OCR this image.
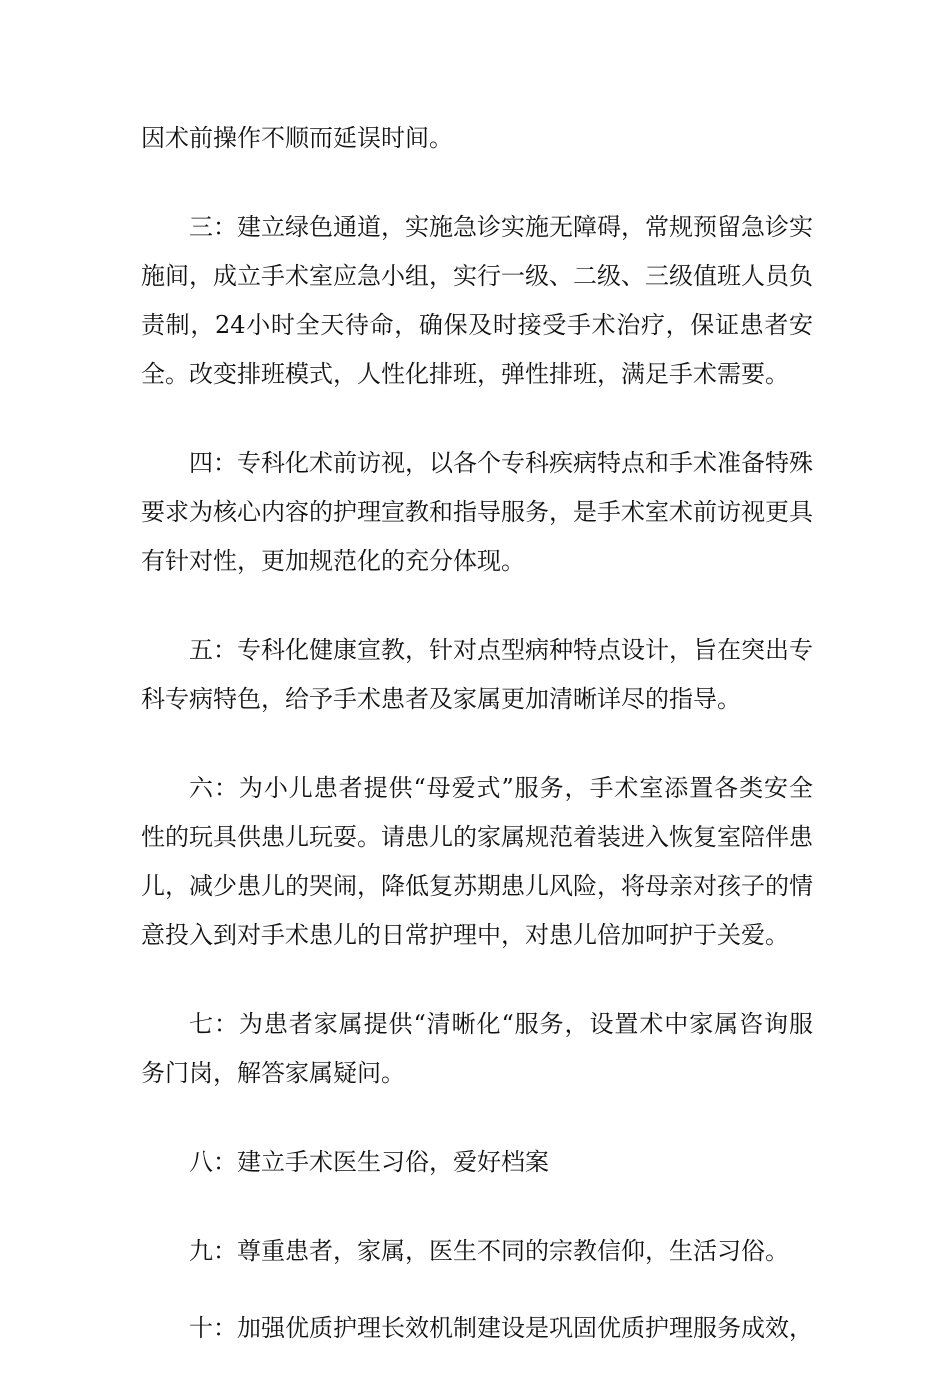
因术前操作不顺而延误时间。

三：建立绿色通道，实施急诊实施无障碍，常规预留急诊实施间，成立手术室应急小组，实行一级、二级、三级值班人员负责制，24小时全天待命，确保及时接受手术治疗，保证患者安全。改变排班模式，人性化排班，弹性排班，满足手术需要。

四：专科化术前访视，以各个专科疾病特点和手术准备特殊要求为核心内容的护理宣教和指导服务，是手术室术前访视更具有针对性，更加规范化的充分体现。

五：专科化健康宣教，针对点型病种特点设计，旨在突出专科专病特色，给予手术患者及家属更加清晰详尽的指导。

六：为小儿患者提供“母爱式”服务，手术室添置各类安全性的玩具供患儿玩耍。请患儿的家属规范着装进入恢复室陪伴患儿，减少患儿的哭闹，降低复苏期患儿风险，将母亲对孩子的情意投入到对手术患儿的日常护理中，对患儿倍加呵护于关爱。

七：为患者家属提供“清晰化“服务，设置术中家属咨询服务门岗，解答家属疑问。

八：建立手术医生习俗，爱好档案

九：尊重患者，家属，医生不同的宗教信仰，生活习俗。

十：加强优质护理长效机制建设是巩固优质护理服务成效，
